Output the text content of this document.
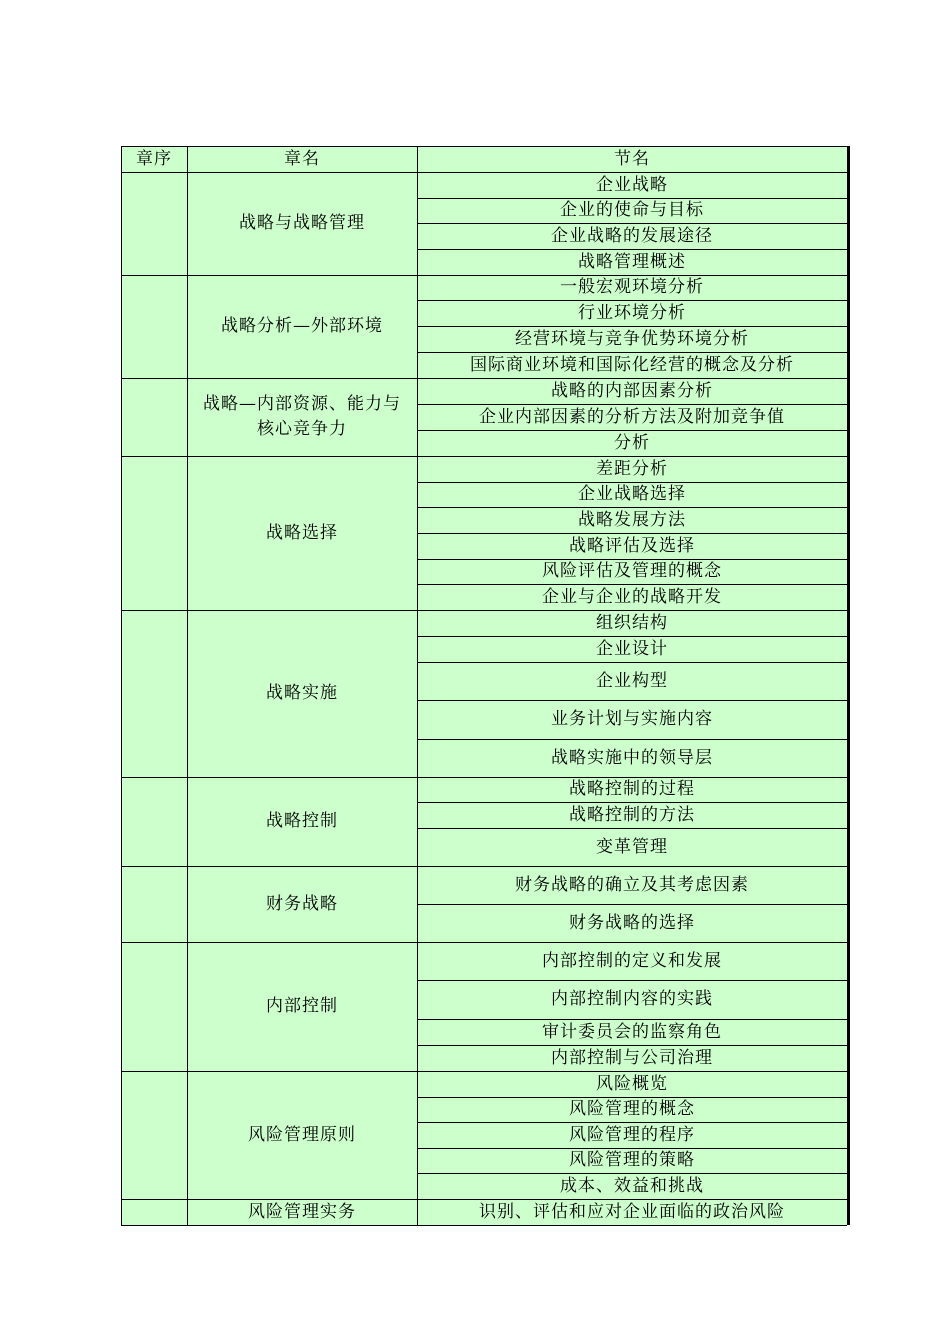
章序	章名	节名
企业战略
企业的使命与目标
企业战略的发展途径
战略管理概述
战略与战略管理
一般宏观环境分析
行业环境分析
经营环境与竞争优势环境分析
国际商业环境和国际化经营的概念及分析
战略分析—外部环境
战略的内部因素分析
企业内部因素的分析方法及附加竞争值
分析
战略—内部资源、能力与核心竞争力
差距分析
企业战略选择
战略发展方法
战略评估及选择
风险评估及管理的概念
企业与企业的战略开发
战略选择
组织结构
企业设计
企业构型
业务计划与实施内容
战略实施中的领导层
战略实施
战略控制的过程
战略控制的方法
变革管理
战略控制
财务战略的确立及其考虑因素
财务战略的选择
财务战略
内部控制的定义和发展
内部控制内容的实践
审计委员会的监察角色
内部控制与公司治理
内部控制
风险概览
风险管理的概念
风险管理的程序
风险管理的策略
成本、效益和挑战
风险管理原则
识别、评估和应对企业面临的政治风险
风险管理实务
